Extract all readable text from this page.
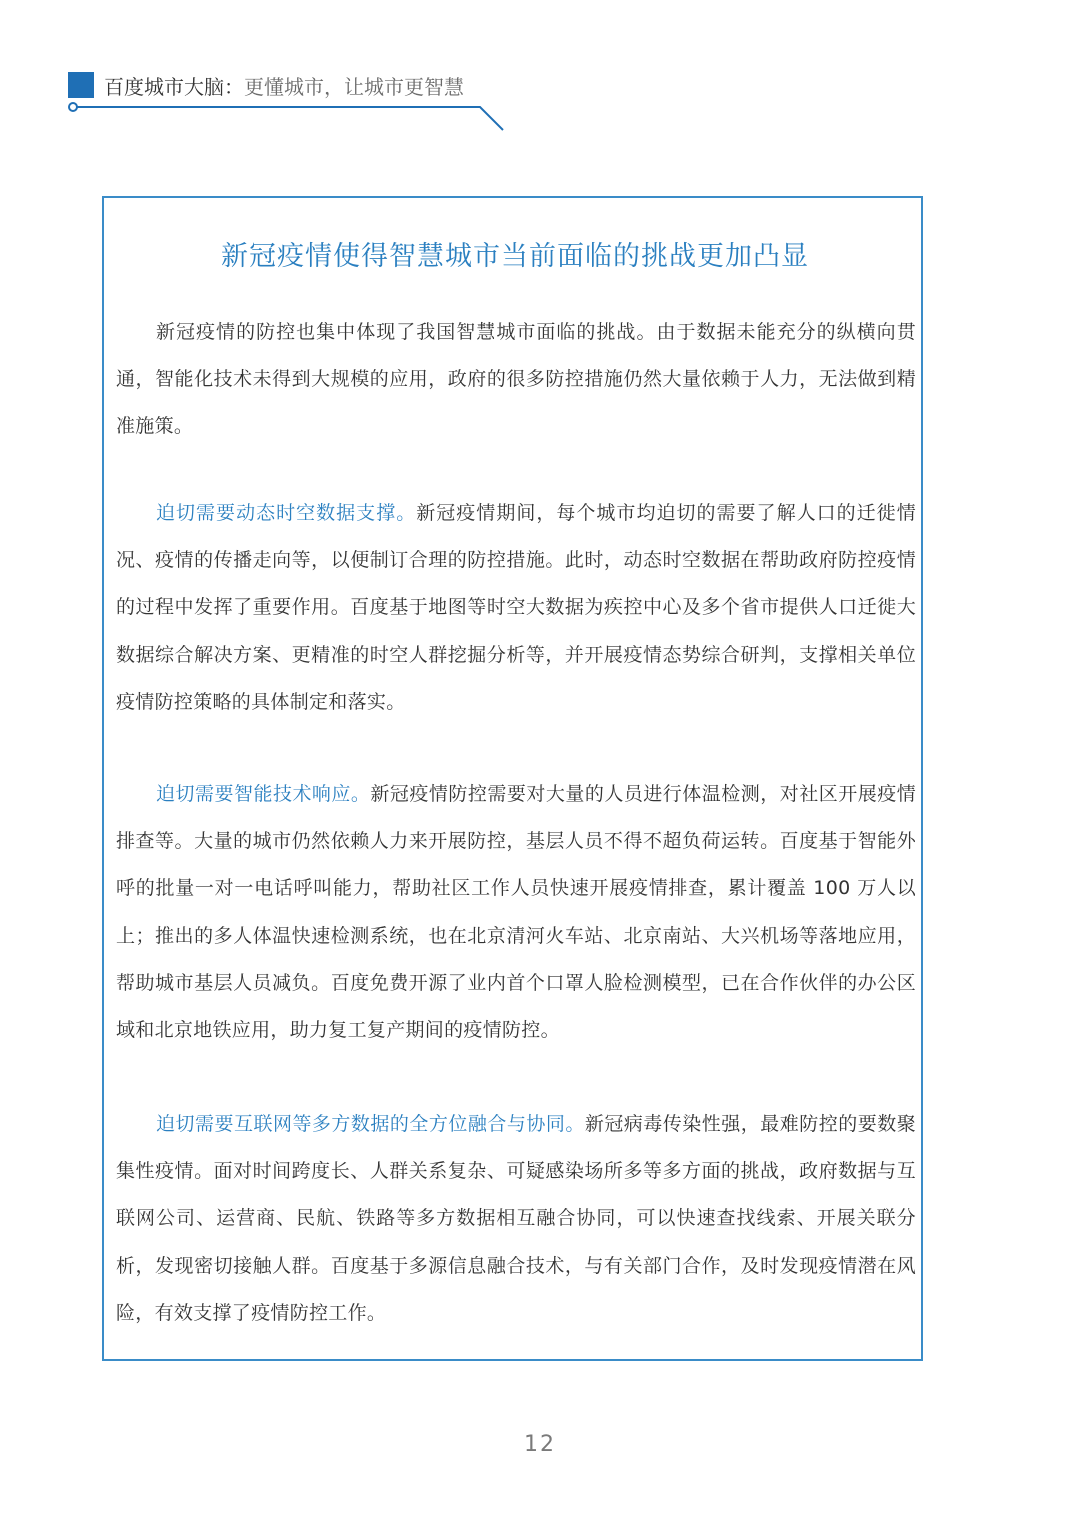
百度城市大脑：更懂城市，让城市更智慧
新冠疫情使得智慧城市当前面临的挑战更加凸显
新冠疫情的防控也集中体现了我国智慧城市面临的挑战。由于数据未能充分的纵横向贯通，智能化技术未得到大规模的应用，政府的很多防控措施仍然大量依赖于人力，无法做到精准施策。
迫切需要动态时空数据支撑。新冠疫情期间，每个城市均迫切的需要了解人口的迁徙情况、疫情的传播走向等，以便制订合理的防控措施。此时，动态时空数据在帮助政府防控疫情的过程中发挥了重要作用。百度基于地图等时空大数据为疾控中心及多个省市提供人口迁徙大数据综合解决方案、更精准的时空人群挖掘分析等，并开展疫情态势综合研判，支撑相关单位疫情防控策略的具体制定和落实。
迫切需要智能技术响应。新冠疫情防控需要对大量的人员进行体温检测，对社区开展疫情排查等。大量的城市仍然依赖人力来开展防控，基层人员不得不超负荷运转。百度基于智能外呼的批量一对一电话呼叫能力，帮助社区工作人员快速开展疫情排查，累计覆盖 100 万人以上；推出的多人体温快速检测系统，也在北京清河火车站、北京南站、大兴机场等落地应用，帮助城市基层人员减负。百度免费开源了业内首个口罩人脸检测模型，已在合作伙伴的办公区域和北京地铁应用，助力复工复产期间的疫情防控。
迫切需要互联网等多方数据的全方位融合与协同。新冠病毒传染性强，最难防控的要数聚集性疫情。面对时间跨度长、人群关系复杂、可疑感染场所多等多方面的挑战，政府数据与互联网公司、运营商、民航、铁路等多方数据相互融合协同，可以快速查找线索、开展关联分析，发现密切接触人群。百度基于多源信息融合技术，与有关部门合作，及时发现疫情潜在风险，有效支撑了疫情防控工作。
12
